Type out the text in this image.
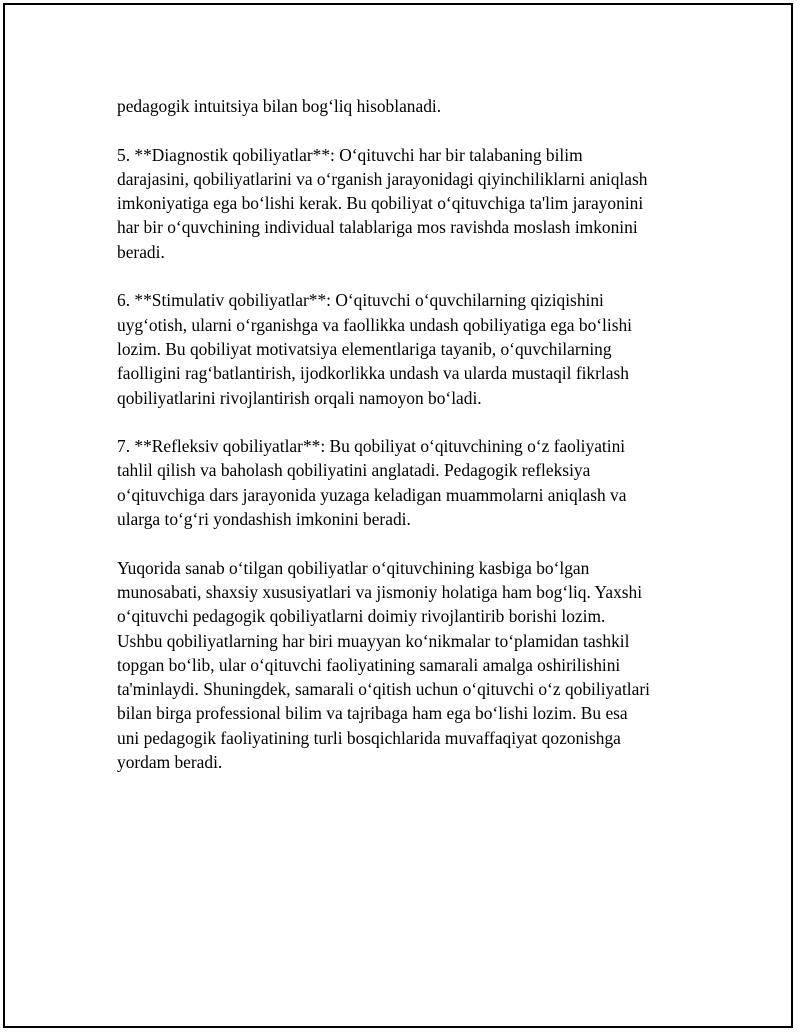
pedagogik intuitsiya bilan bog‘liq hisoblanadi.

5. **Diagnostik qobiliyatlar**: O‘qituvchi har bir talabaning bilim
darajasini, qobiliyatlarini va o‘rganish jarayonidagi qiyinchiliklarni aniqlash
imkoniyatiga ega bo‘lishi kerak. Bu qobiliyat o‘qituvchiga ta'lim jarayonini
har bir o‘quvchining individual talablariga mos ravishda moslash imkonini
beradi.

6. **Stimulativ qobiliyatlar**: O‘qituvchi o‘quvchilarning qiziqishini
uyg‘otish, ularni o‘rganishga va faollikka undash qobiliyatiga ega bo‘lishi
lozim. Bu qobiliyat motivatsiya elementlariga tayanib, o‘quvchilarning
faolligini rag‘batlantirish, ijodkorlikka undash va ularda mustaqil fikrlash
qobiliyatlarini rivojlantirish orqali namoyon bo‘ladi.

7. **Refleksiv qobiliyatlar**: Bu qobiliyat o‘qituvchining o‘z faoliyatini
tahlil qilish va baholash qobiliyatini anglatadi. Pedagogik refleksiya
o‘qituvchiga dars jarayonida yuzaga keladigan muammolarni aniqlash va
ularga to‘g‘ri yondashish imkonini beradi.

Yuqorida sanab o‘tilgan qobiliyatlar o‘qituvchining kasbiga bo‘lgan
munosabati, shaxsiy xususiyatlari va jismoniy holatiga ham bog‘liq. Yaxshi
o‘qituvchi pedagogik qobiliyatlarni doimiy rivojlantirib borishi lozim.
Ushbu qobiliyatlarning har biri muayyan ko‘nikmalar to‘plamidan tashkil
topgan bo‘lib, ular o‘qituvchi faoliyatining samarali amalga oshirilishini
ta'minlaydi. Shuningdek, samarali o‘qitish uchun o‘qituvchi o‘z qobiliyatlari
bilan birga professional bilim va tajribaga ham ega bo‘lishi lozim. Bu esa
uni pedagogik faoliyatining turli bosqichlarida muvaffaqiyat qozonishga
yordam beradi.
